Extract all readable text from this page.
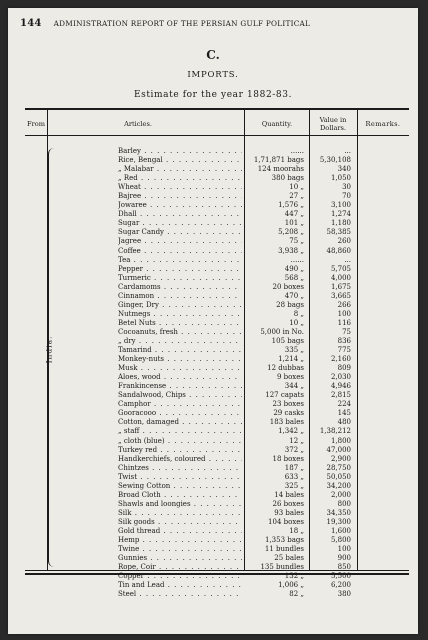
144 ADMINISTRATION REPORT OF THE PERSIAN GULF POLITICAL
C.
IMPORTS.
Estimate for the year 1882-83.
From	Articles.	Quantity.	Value in Dollars.	Remarks.
India.
Barley . .	......	...
Rice, Bengal . .	1,71,871 bags	5,30,108
„ Malabar . .	124 moorahs	340
„ Red . .	380 bags	1,050
Wheat . .	10 „	30
Bajree . .	27 „	70
Jowaree . .	1,576 „	3,100
Dhall . .	447 „	1,274
Sugar . .	101 „	1,180
Sugar Candy . .	5,208 „	58,385
Jagree . .	75 „	260
Coffee . .	3,938 „	48,860
Tea . .	......	...
Pepper . .	490 „	5,705
Turmeric . .	568 „	4,000
Cardamoms . .	20 boxes	1,675
Cinnamon . .	470 „	3,665
Ginger, Dry . .	28 bags	266
Nutmegs . .	8 „	100
Betel Nuts . .	10 „	116
Cocoanuts, fresh . .	5,000 in No.	75
„ dry . .	105 bags	836
Tamarind . .	335 „	775
Monkey-nuts . .	1,214 „	2,160
Musk . .	12 dubbas	809
Aloes, wood . .	9 boxes	2,030
Frankincense . .	344 „	4,946
Sandalwood, Chips . .	127 capats	2,815
Camphor . .	23 boxes	224
Gooracooo . .	29 casks	145
Cotton, damaged . .	183 bales	480
„ staff . .	1,342 „	1,38,212
„ cloth (blue) . .	12 „	1,800
Turkey red . .	372 „	47,000
Handkerchiefs, coloured . .	18 boxes	2,900
Chintzes . .	187 „	28,750
Twist . .	633 „	50,050
Sewing Cotton . .	325 „	34,200
Broad Cloth . .	14 bales	2,000
Shawls and loongies . .	26 boxes	800
Silk . .	93 bales	34,350
Silk goods . .	104 boxes	19,300
Gold thread . .	18 „	1,600
Hemp . .	1,353 bags	5,800
Twine . .	11 bundles	100
Gunnies . .	25 bales	900
Rope, Coir . .	135 bundles	850
Copper . .	132 „	5,500
Tin and Lead . .	1,006 „	6,200
Steel . .	82 „	380
